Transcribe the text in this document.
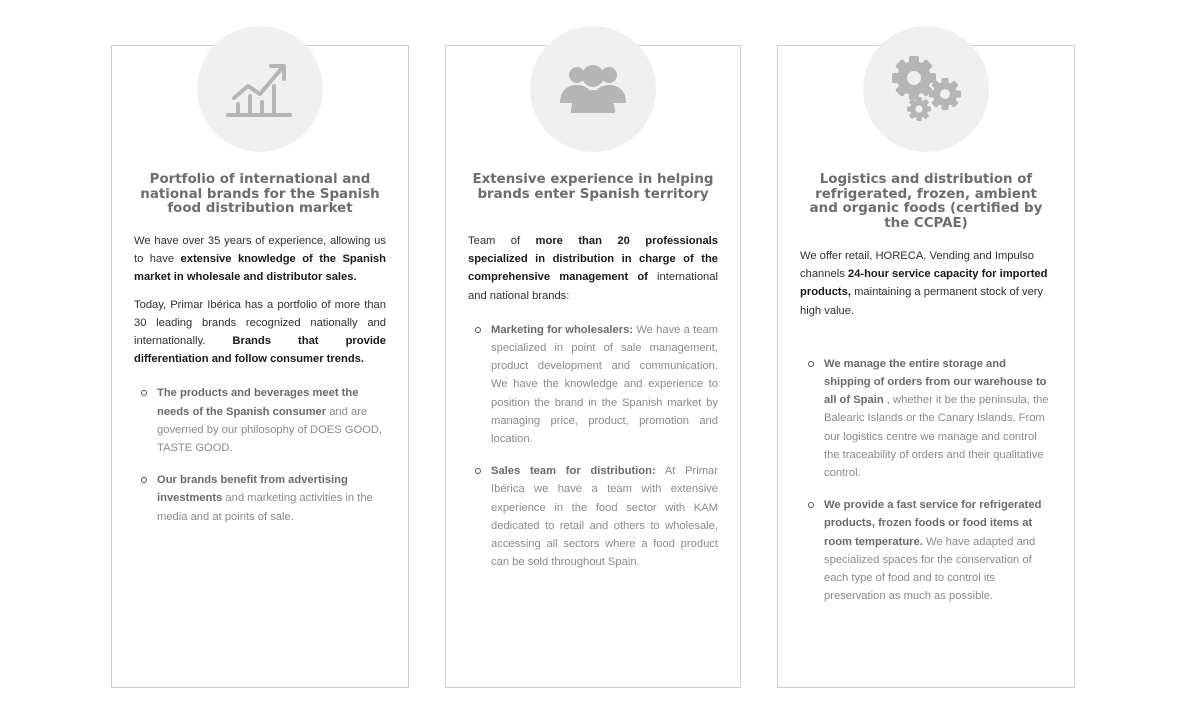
Portfolio of international and national brands for the Spanish food distribution market

We have over 35 years of experience, allowing us to have extensive knowledge of the Spanish market in wholesale and distributor sales.

Today, Primar Ibérica has a portfolio of more than 30 leading brands recognized nationally and internationally. Brands that provide differentiation and follow consumer trends.

The products and beverages meet the needs of the Spanish consumer and are governed by our philosophy of DOES GOOD, TASTE GOOD.
Our brands benefit from advertising investments and marketing activities in the media and at points of sale.
Extensive experience in helping brands enter Spanish territory

Team of more than 20 professionals specialized in distribution in charge of the comprehensive management of international and national brands:

Marketing for wholesalers: We have a team specialized in point of sale management, product development and communication. We have the knowledge and experience to position the brand in the Spanish market by managing price, product, promotion and location.
Sales team for distribution: At Primar Ibérica we have a team with extensive experience in the food sector with KAM dedicated to retail and others to wholesale, accessing all sectors where a food product can be sold throughout Spain.
Logistics and distribution of refrigerated, frozen, ambient and organic foods (certified by the CCPAE)

We offer retail, HORECA, Vending and Impulso channels 24-hour service capacity for imported products, maintaining a permanent stock of very high value.

We manage the entire storage and shipping of orders from our warehouse to all of Spain , whether it be the peninsula, the Balearic Islands or the Canary Islands. From our logistics centre we manage and control the traceability of orders and their qualitative control.
We provide a fast service for refrigerated products, frozen foods or food items at room temperature. We have adapted and specialized spaces for the conservation of each type of food and to control its preservation as much as possible.
